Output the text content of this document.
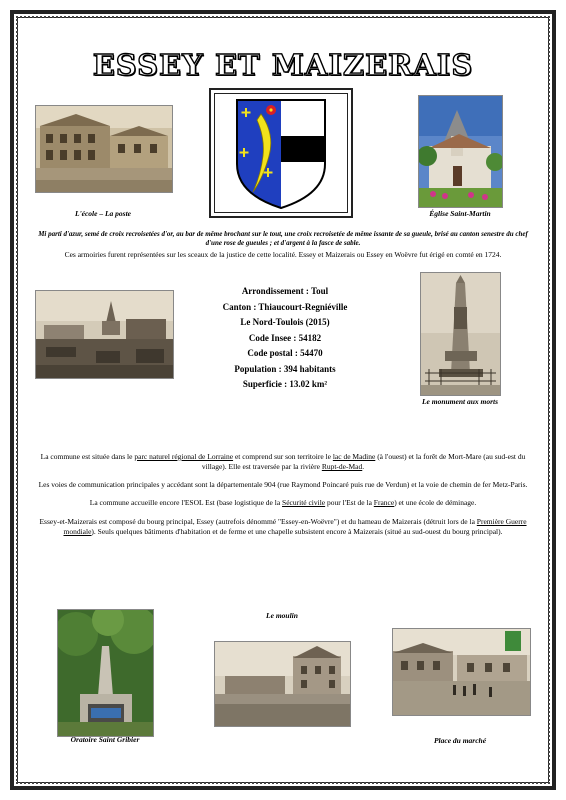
ESSEY ET MAIZERAIS
L'école – La poste	Église Saint-Martin
Mi parti d'azur, semé de croix recroisetées d'or, au bar de même brochant sur le tout, une croix recroisetée de même issante de sa gueule, brisé au canton senestre du chef d'une rose de gueules ; et d'argent à la fasce de sable.
Ces armoiries furent représentées sur les sceaux de la justice de cette localité. Essey et Maizerais ou Essey en Woëvre fut érigé en comté en 1724.
Arrondissement : Toul
Canton : Thiaucourt-Regniéville
Le Nord-Toulois (2015)
Code Insee : 54182
Code postal : 54470
Population : 394 habitants
Superficie : 13.02 km²
Le monument aux morts

La commune est située dans le parc naturel régional de Lorraine et comprend sur son territoire le lac de Madine (à l'ouest) et la forêt de Mort-Mare (au sud-est du village). Elle est traversée par la rivière Rupt-de-Mad.

Les voies de communication principales y accédant sont la départementale 904 (rue Raymond Poincaré puis rue de Verdun) et la voie de chemin de fer Metz-Paris.

La commune accueille encore l'ESOL Est (base logistique de la Sécurité civile pour l'Est de la France) et une école de déminage.

Essey-et-Maizerais est composé du bourg principal, Essey (autrefois dénommé "Essey-en-Woëvre") et du hameau de Maizerais (détruit lors de la Première Guerre mondiale). Seuls quelques bâtiments d'habitation et de ferme et une chapelle subsistent encore à Maizerais (situé au sud-ouest du bourg principal).

Oratoire Saint Gribier
Le moulin
Place du marché
